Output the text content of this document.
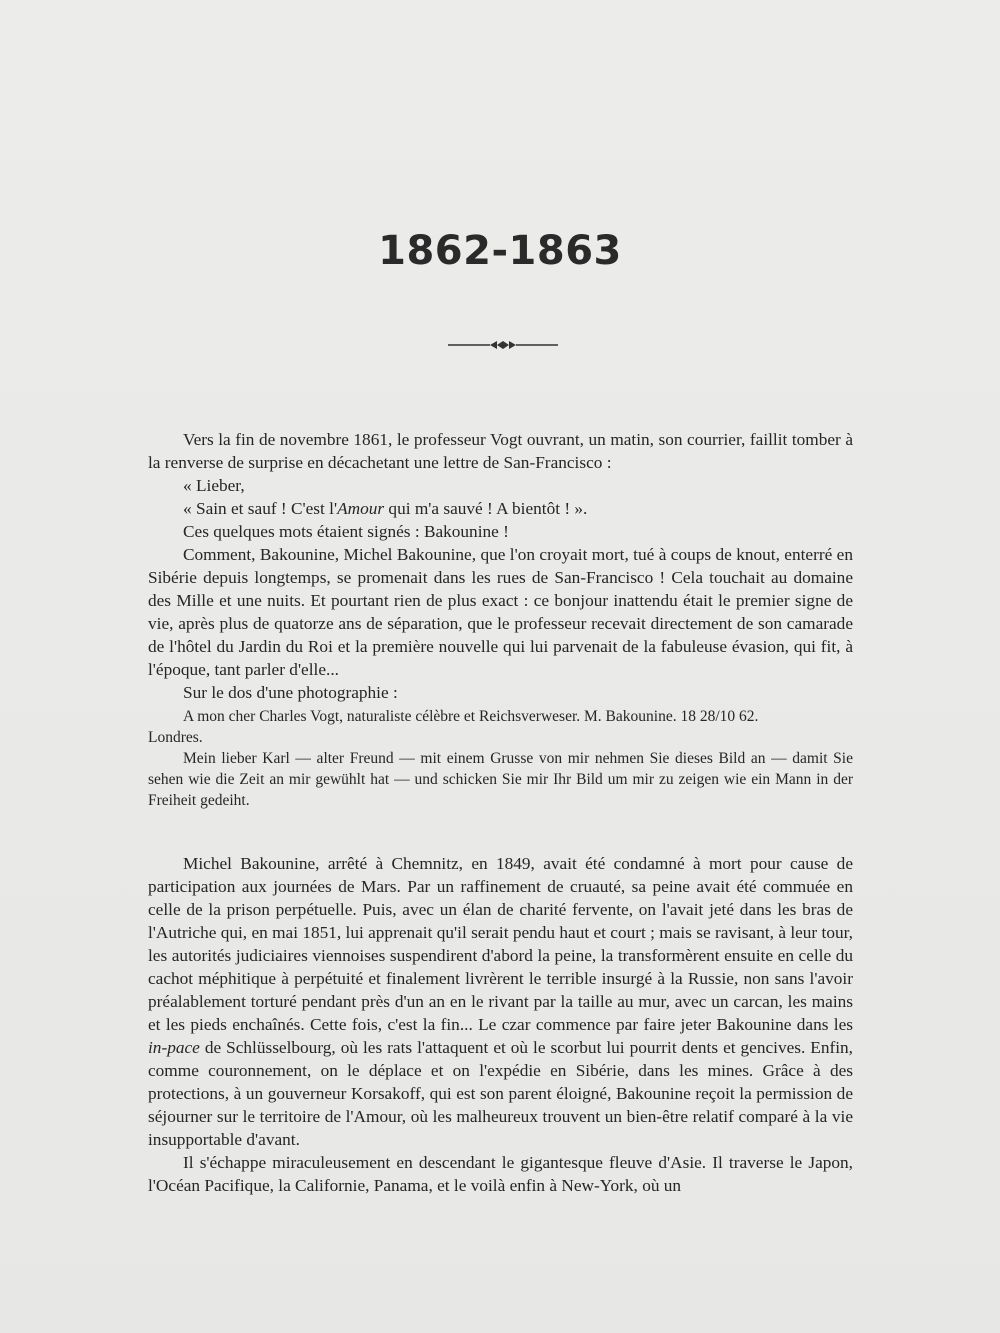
1862-1863

Vers la fin de novembre 1861, le professeur Vogt ouvrant, un matin, son courrier, faillit tomber à la renverse de surprise en décachetant une lettre de San-Francisco :

« Lieber,

« Sain et sauf ! C'est l'Amour qui m'a sauvé ! A bientôt ! ».

Ces quelques mots étaient signés : Bakounine !

Comment, Bakounine, Michel Bakounine, que l'on croyait mort, tué à coups de knout, enterré en Sibérie depuis longtemps, se promenait dans les rues de San-Francisco ! Cela touchait au domaine des Mille et une nuits. Et pourtant rien de plus exact : ce bonjour inattendu était le premier signe de vie, après plus de quatorze ans de séparation, que le professeur recevait directement de son camarade de l'hôtel du Jardin du Roi et la première nouvelle qui lui parvenait de la fabuleuse évasion, qui fit, à l'époque, tant parler d'elle...

Sur le dos d'une photographie :

A mon cher Charles Vogt, naturaliste célèbre et Reichsverweser. M. Bakounine. 18 28/10 62.

Londres.

Mein lieber Karl — alter Freund — mit einem Grusse von mir nehmen Sie dieses Bild an — damit Sie sehen wie die Zeit an mir gewühlt hat — und schicken Sie mir Ihr Bild um mir zu zeigen wie ein Mann in der Freiheit gedeiht.

Michel Bakounine, arrêté à Chemnitz, en 1849, avait été condamné à mort pour cause de participation aux journées de Mars. Par un raffinement de cruauté, sa peine avait été commuée en celle de la prison perpétuelle. Puis, avec un élan de charité fervente, on l'avait jeté dans les bras de l'Autriche qui, en mai 1851, lui apprenait qu'il serait pendu haut et court ; mais se ravisant, à leur tour, les autorités judiciaires viennoises suspendirent d'abord la peine, la transformèrent ensuite en celle du cachot méphitique à perpétuité et finalement livrèrent le terrible insurgé à la Russie, non sans l'avoir préalablement torturé pendant près d'un an en le rivant par la taille au mur, avec un carcan, les mains et les pieds enchaînés. Cette fois, c'est la fin... Le czar commence par faire jeter Bakounine dans les in-pace de Schlüsselbourg, où les rats l'attaquent et où le scorbut lui pourrit dents et gencives. Enfin, comme couronnement, on le déplace et on l'expédie en Sibérie, dans les mines. Grâce à des protections, à un gouverneur Korsakoff, qui est son parent éloigné, Bakounine reçoit la permission de séjourner sur le territoire de l'Amour, où les malheureux trouvent un bien-être relatif comparé à la vie insupportable d'avant.

Il s'échappe miraculeusement en descendant le gigantesque fleuve d'Asie. Il traverse le Japon, l'Océan Pacifique, la Californie, Panama, et le voilà enfin à New-York, où un
